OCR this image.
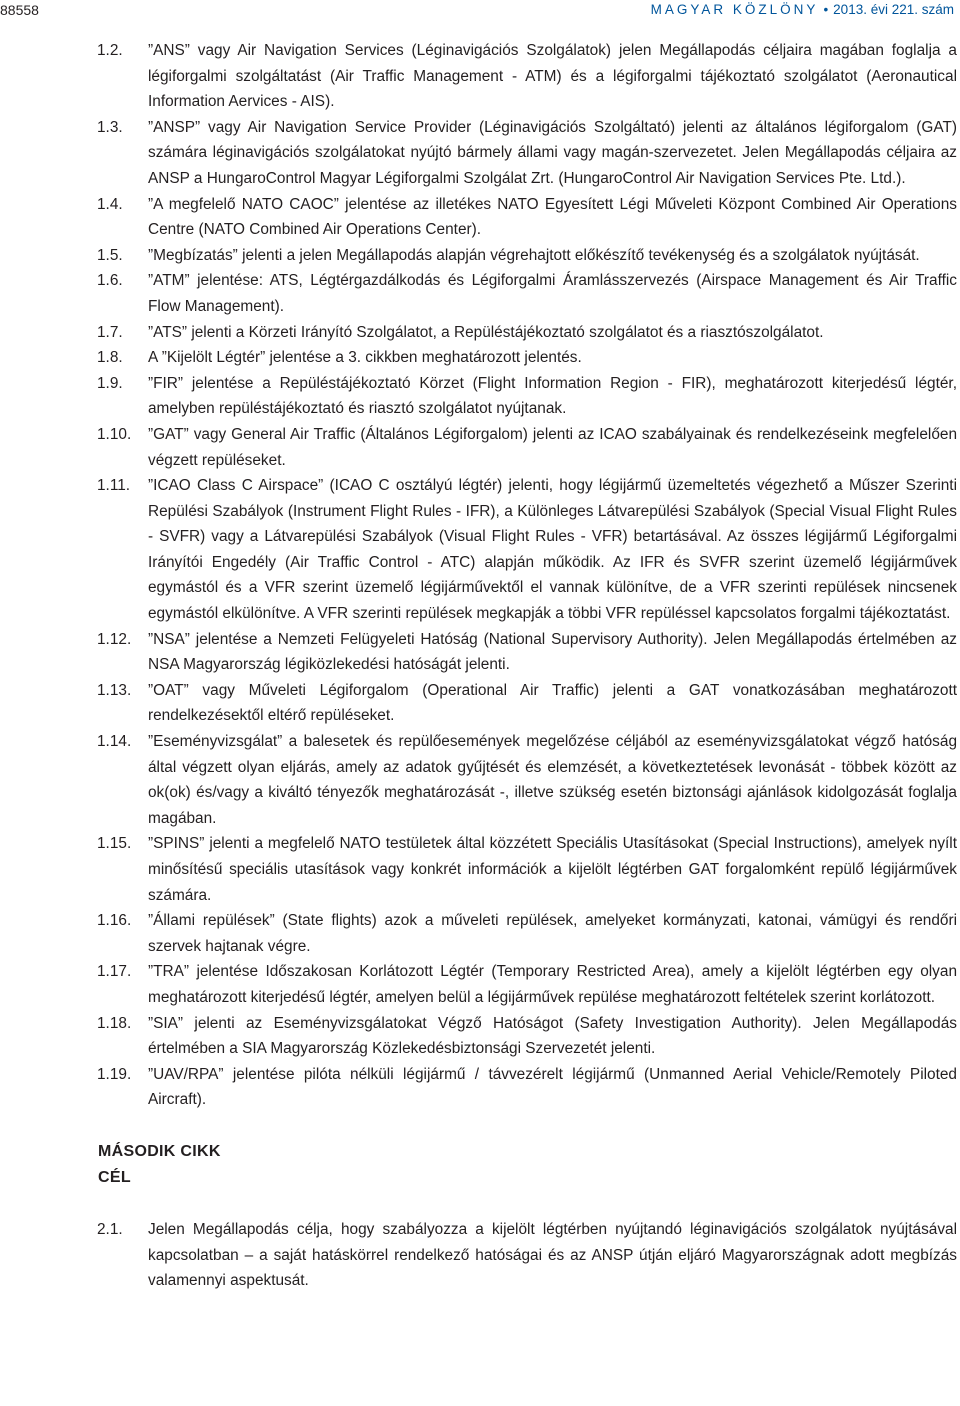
88558	MAGYAR KÖZLÖNY • 2013. évi 221. szám
1.2.	”ANS” vagy Air Navigation Services (Léginavigációs Szolgálatok) jelen Megállapodás céljaira magában foglalja a légiforgalmi szolgáltatást (Air Traffic Management - ATM) és a légiforgalmi tájékoztató szolgálatot (Aeronautical Information Aervices - AIS).
1.3.	”ANSP” vagy Air Navigation Service Provider (Léginavigációs Szolgáltató) jelenti az általános légiforgalom (GAT) számára léginavigációs szolgálatokat nyújtó bármely állami vagy magán-szervezetet. Jelen Megállapodás céljaira az ANSP a HungaroControl Magyar Légiforgalmi Szolgálat Zrt. (HungaroControl Air Navigation Services Pte. Ltd.).
1.4.	”A megfelelő NATO CAOC” jelentése az illetékes NATO Egyesített Légi Műveleti Központ Combined Air Operations Centre (NATO Combined Air Operations Center).
1.5.	”Megbízatás” jelenti a jelen Megállapodás alapján végrehajtott előkészítő tevékenység és a szolgálatok nyújtását.
1.6.	”ATM” jelentése: ATS, Légtérgazdálkodás és Légiforgalmi Áramlásszervezés (Airspace Management és Air Traffic Flow Management).
1.7.	”ATS” jelenti a Körzeti Irányító Szolgálatot, a Repüléstájékoztató szolgálatot és a riasztószolgálatot.
1.8.	A ”Kijelölt Légtér” jelentése a 3. cikkben meghatározott jelentés.
1.9.	”FIR” jelentése a Repüléstájékoztató Körzet (Flight Information Region - FIR), meghatározott kiterjedésű légtér, amelyben repüléstájékoztató és riasztó szolgálatot nyújtanak.
1.10.	”GAT” vagy General Air Traffic (Általános Légiforgalom) jelenti az ICAO szabályainak és rendelkezéseink megfelelően végzett repüléseket.
1.11.	”ICAO Class C Airspace” (ICAO C osztályú légtér) jelenti, hogy légijármű üzemeltetés végezhető a Műszer Szerinti Repülési Szabályok (Instrument Flight Rules - IFR), a Különleges Látvarepülési Szabályok (Special Visual Flight Rules - SVFR) vagy a Látvarepülési Szabályok (Visual Flight Rules - VFR) betartásával. Az összes légijármű Légiforgalmi Irányítói Engedély (Air Traffic Control - ATC) alapján működik. Az IFR és SVFR szerint üzemelő légijárművek egymástól és a VFR szerint üzemelő légijárművektől el vannak különítve, de a VFR szerinti repülések nincsenek egymástól elkülönítve. A VFR szerinti repülések megkapják a többi VFR repüléssel kapcsolatos forgalmi tájékoztatást.
1.12.	”NSA” jelentése a Nemzeti Felügyeleti Hatóság (National Supervisory Authority). Jelen Megállapodás értelmében az NSA Magyarország légiközlekedési hatóságát jelenti.
1.13.	”OAT” vagy Műveleti Légiforgalom (Operational Air Traffic) jelenti a GAT vonatkozásában meghatározott rendelkezésektől eltérő repüléseket.
1.14.	”Eseményvizsgálat” a balesetek és repülőesemények megelőzése céljából az eseményvizsgálatokat végző hatóság által végzett olyan eljárás, amely az adatok gyűjtését és elemzését, a következtetések levonását - többek között az ok(ok) és/vagy a kiváltó tényezők meghatározását -, illetve szükség esetén biztonsági ajánlások kidolgozását foglalja magában.
1.15.	”SPINS” jelenti a megfelelő NATO testületek által közzétett Speciális Utasításokat (Special Instructions), amelyek nyílt minősítésű speciális utasítások vagy konkrét információk a kijelölt légtérben GAT forgalomként repülő légijárművek számára.
1.16.	”Állami repülések” (State flights) azok a műveleti repülések, amelyeket kormányzati, katonai, vámügyi és rendőri szervek hajtanak végre.
1.17.	”TRA” jelentése Időszakosan Korlátozott Légtér (Temporary Restricted Area), amely a kijelölt légtérben egy olyan meghatározott kiterjedésű légtér, amelyen belül a légijárművek repülése meghatározott feltételek szerint korlátozott.
1.18.	”SIA” jelenti az Eseményvizsgálatokat Végző Hatóságot (Safety Investigation Authority). Jelen Megállapodás értelmében a SIA Magyarország Közlekedésbiztonsági Szervezetét jelenti.
1.19.	”UAV/RPA” jelentése pilóta nélküli légijármű / távvezérelt légijármű (Unmanned Aerial Vehicle/Remotely Piloted Aircraft).
MÁSODIK CIKK
CÉL
2.1.	Jelen Megállapodás célja, hogy szabályozza a kijelölt légtérben nyújtandó léginavigációs szolgálatok nyújtásával kapcsolatban – a saját hatáskörrel rendelkező hatóságai és az ANSP útján eljáró Magyarországnak adott megbízás valamennyi aspektusát.
